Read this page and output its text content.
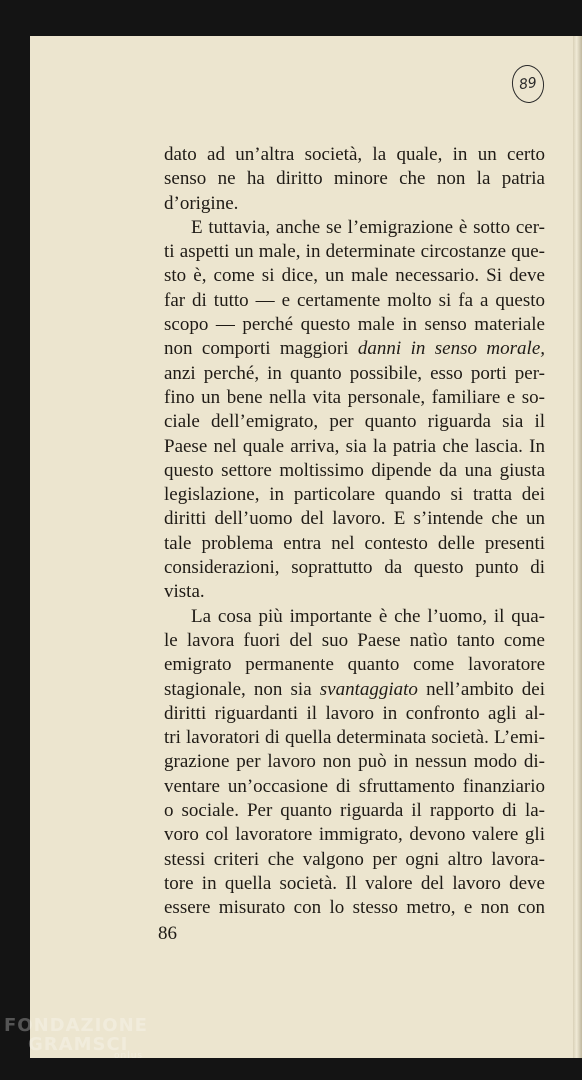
89
dato ad un’altra società, la quale, in un certo
senso ne ha diritto minore che non la patria
d’origine.
E tuttavia, anche se l’emigrazione è sotto cer-
ti aspetti un male, in determinate circostanze que-
sto è, come si dice, un male necessario. Si deve
far di tutto — e certamente molto si fa a questo
scopo — perché questo male in senso materiale
non comporti maggiori danni in senso morale,
anzi perché, in quanto possibile, esso porti per-
fino un bene nella vita personale, familiare e so-
ciale dell’emigrato, per quanto riguarda sia il
Paese nel quale arriva, sia la patria che lascia. In
questo settore moltissimo dipende da una giusta
legislazione, in particolare quando si tratta dei
diritti dell’uomo del lavoro. E s’intende che un
tale problema entra nel contesto delle presenti
considerazioni, soprattutto da questo punto di
vista.
La cosa più importante è che l’uomo, il qua-
le lavora fuori del suo Paese natìo tanto come
emigrato permanente quanto come lavoratore
stagionale, non sia svantaggiato nell’ambito dei
diritti riguardanti il lavoro in confronto agli al-
tri lavoratori di quella determinata società. L’emi-
grazione per lavoro non può in nessun modo di-
ventare un’occasione di sfruttamento finanziario
o sociale. Per quanto riguarda il rapporto di la-
voro col lavoratore immigrato, devono valere gli
stessi criteri che valgono per ogni altro lavora-
tore in quella società. Il valore del lavoro deve
essere misurato con lo stesso metro, e non con
86
FONDAZIONE
GRAMSCI
onlus
